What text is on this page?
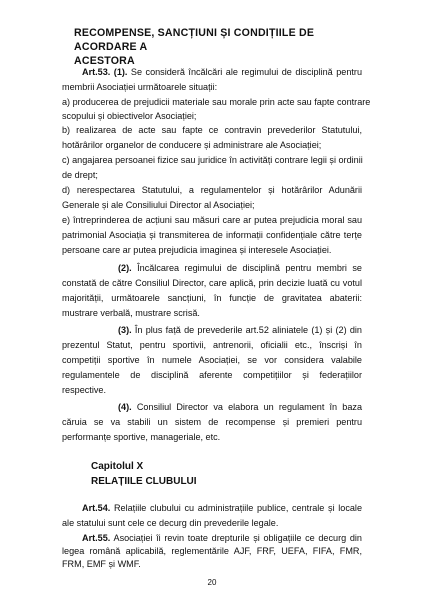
RECOMPENSE, SANCȚIUNI ȘI CONDIȚIILE DE ACORDARE A
ACESTORA

Art.53. (1). Se consideră încălcări ale regimului de disciplină pentru

membrii Asociației următoarele situații:

a) producerea de prejudicii materiale sau morale prin acte sau fapte contrare

scopului și obiectivelor Asociației;

b) realizarea de acte sau fapte ce contravin prevederilor Statutului,

hotărârilor organelor de conducere și administrare ale Asociației;

c) angajarea persoanei fizice sau juridice în activități contrare legii și ordinii

de drept;

d) nerespectarea Statutului, a regulamentelor și hotărârilor Adunării

Generale și ale Consiliului Director al Asociației;

e) întreprinderea de acțiuni sau măsuri care ar putea prejudicia moral sau

patrimonial Asociația și transmiterea de informații confidențiale către terțe

persoane care ar putea prejudicia imaginea și interesele Asociației.

(2). Încălcarea regimului de disciplină pentru membri se

constată de către Consiliul Director, care aplică, prin decizie luată cu votul

majorității, următoarele sancțiuni, în funcție de gravitatea abaterii:

mustrare verbală, mustrare scrisă.

(3). În plus față de prevederile art.52 aliniatele (1) și (2) din

prezentul Statut, pentru sportivii, antrenorii, oficialii etc., înscriși în

competiții sportive în numele Asociației, se vor considera valabile

regulamentele de disciplină aferente competițiilor și federațiilor

respective.

(4). Consiliul Director va elabora un regulament în baza

căruia se va stabili un sistem de recompense și premieri pentru

performanțe sportive, manageriale, etc.

Capitolul X

RELAȚIILE CLUBULUI

Art.54. Relațiile clubului cu administrațiile publice, centrale și locale

ale statului sunt cele ce decurg din prevederile legale.

Art.55. Asociației îi revin toate drepturile și obligațiile ce decurg din

legea română aplicabilă, reglementările AJF, FRF, UEFA, FIFA, FMR,

FRM, EMF și WMF.

20
